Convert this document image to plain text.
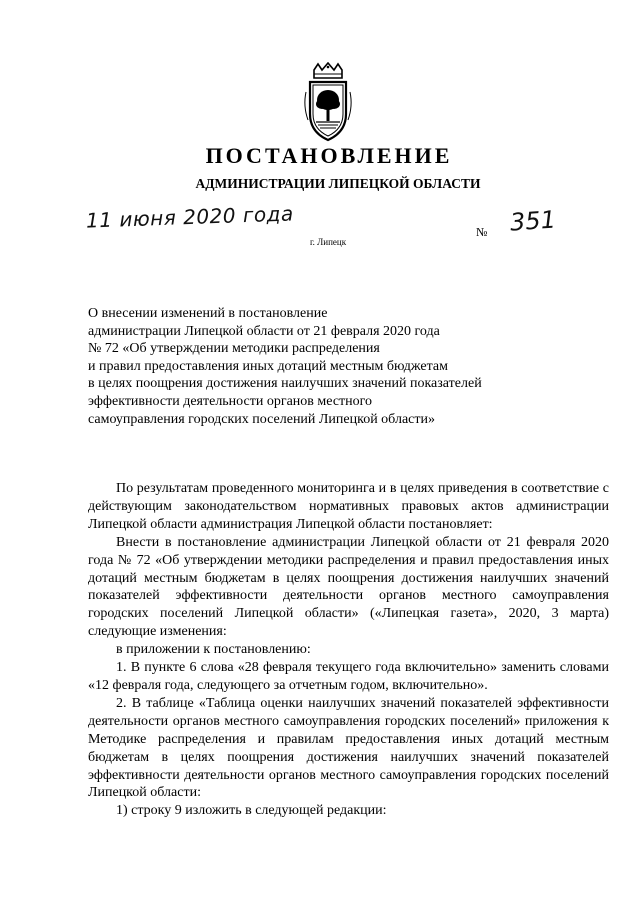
ПОСТАНОВЛЕНИЕ
АДМИНИСТРАЦИИ ЛИПЕЦКОЙ ОБЛАСТИ
11 июня 2020 года
г. Липецк
№ 351
О внесении изменений в постановление
администрации Липецкой области от 21 февраля 2020 года
№ 72 «Об утверждении методики распределения
и правил предоставления иных дотаций местным бюджетам
в целях поощрения достижения наилучших значений показателей
эффективности деятельности органов местного
самоуправления городских поселений Липецкой области»

По результатам проведенного мониторинга и в целях приведения в соответствие с действующим законодательством нормативных правовых актов администрации Липецкой области администрация Липецкой области постановляет:

Внести в постановление администрации Липецкой области от 21 февраля 2020 года № 72 «Об утверждении методики распределения и правил предоставления иных дотаций местным бюджетам в целях поощрения достижения наилучших значений показателей эффективности деятельности органов местного самоуправления городских поселений Липецкой области» («Липецкая газета», 2020, 3 марта) следующие изменения:

в приложении к постановлению:

1. В пункте 6 слова «28 февраля текущего года включительно» заменить словами «12 февраля года, следующего за отчетным годом, включительно».

2. В таблице «Таблица оценки наилучших значений показателей эффективности деятельности органов местного самоуправления городских поселений» приложения к Методике распределения и правилам предоставления иных дотаций местным бюджетам в целях поощрения достижения наилучших значений показателей эффективности деятельности органов местного самоуправления городских поселений Липецкой области:

1) строку 9 изложить в следующей редакции:
